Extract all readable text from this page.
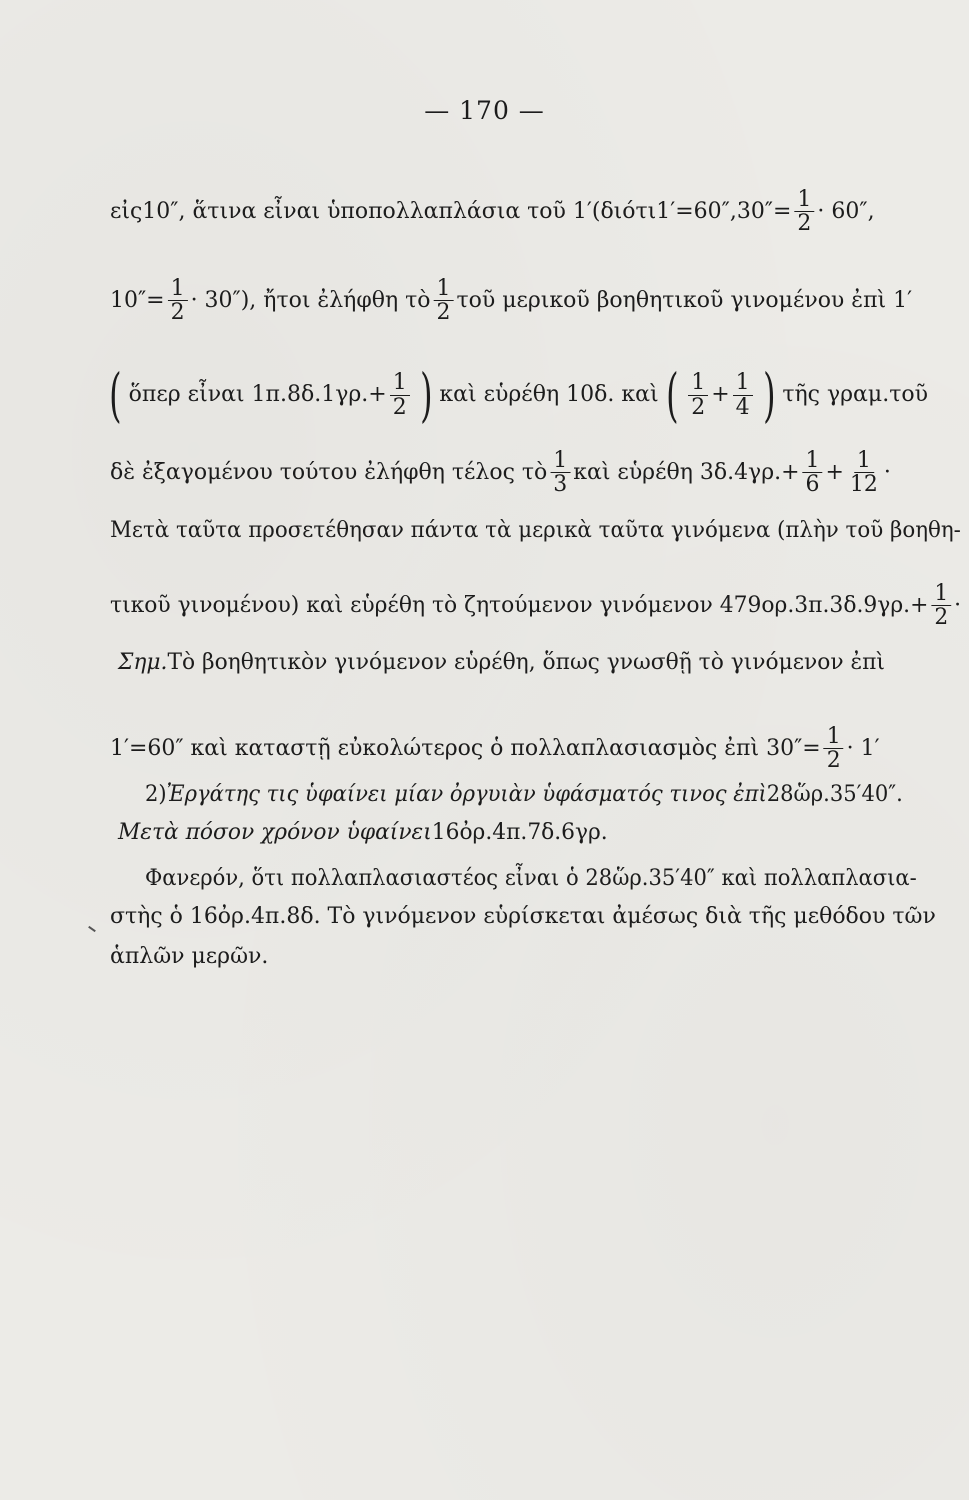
— 170 —
εἰς10″, ἅτινα εἶναι ὑποπολλαπλάσια τοῦ $1'(\delta\iota ό\tau\iota 1'=60'',30''= \frac{1}{2} \cdot 60''$,
$10''= \frac{1}{2} \cdot 30''$), ἤτοι ἐλήφθη τὸ $\frac{1}{2}$ τοῦ μερικοῦ βοηθητικοῦ γινομένου ἐπὶ 1′
( ὅπερ εἶναι $1\pi.8\delta.1\gamma\rho.+ \frac{1}{2}$ ) καὶ εὑρέθη 10δ. καὶ ( $\frac{1}{2} + \frac{1}{4}$ ) τῆς γραμ.τοῦ
δὲ ἐξαγομένου τούτου ἐλήφθη τέλος τὸ $\frac{1}{3}$ καὶ εὑρέθη $3\delta.4\gamma\rho.+ \frac{1}{6} + \frac{1}{12}$ ·
Μετὰ ταῦτα προσετέθησαν πάντα τὰ μερικὰ ταῦτα γινόμενα (πλὴν τοῦ βοηθη-
τικοῦ γινομένου) καὶ εὑρέθη τὸ ζητούμενον γινόμενον $479o\rho.3\pi.3\delta.9\gamma\rho.+ \frac{1}{2}$ ·
Σημ. Τὸ βοηθητικὸν γινόμενον εὑρέθη, ὅπως γνωσθῇ τὸ γινόμενον ἐπὶ
1′=60″ καὶ καταστῇ εὐκολώτερος ὁ πολλαπλασιασμὸς ἐπὶ $30''= \frac{1}{2} \cdot 1'$
2) Ἐργάτης τις ὑφαίνει μίαν ὀργυιὰν ὑφάσματός τινος ἐπὶ 28ὥρ.35′40″.
Μετὰ πόσον χρόνον ὑφαίνει 16ὀρ.4π.7δ.6γρ.
Φανερόν, ὅτι πολλαπλασιαστέος εἶναι ὁ 28ὥρ.35′40″ καὶ πολλαπλασια-
στὴς ὁ 16ὀρ.4π.8δ. Τὸ γινόμενον εὑρίσκεται ἀμέσως διὰ τῆς μεθόδου τῶν
ἁπλῶν μερῶν.
